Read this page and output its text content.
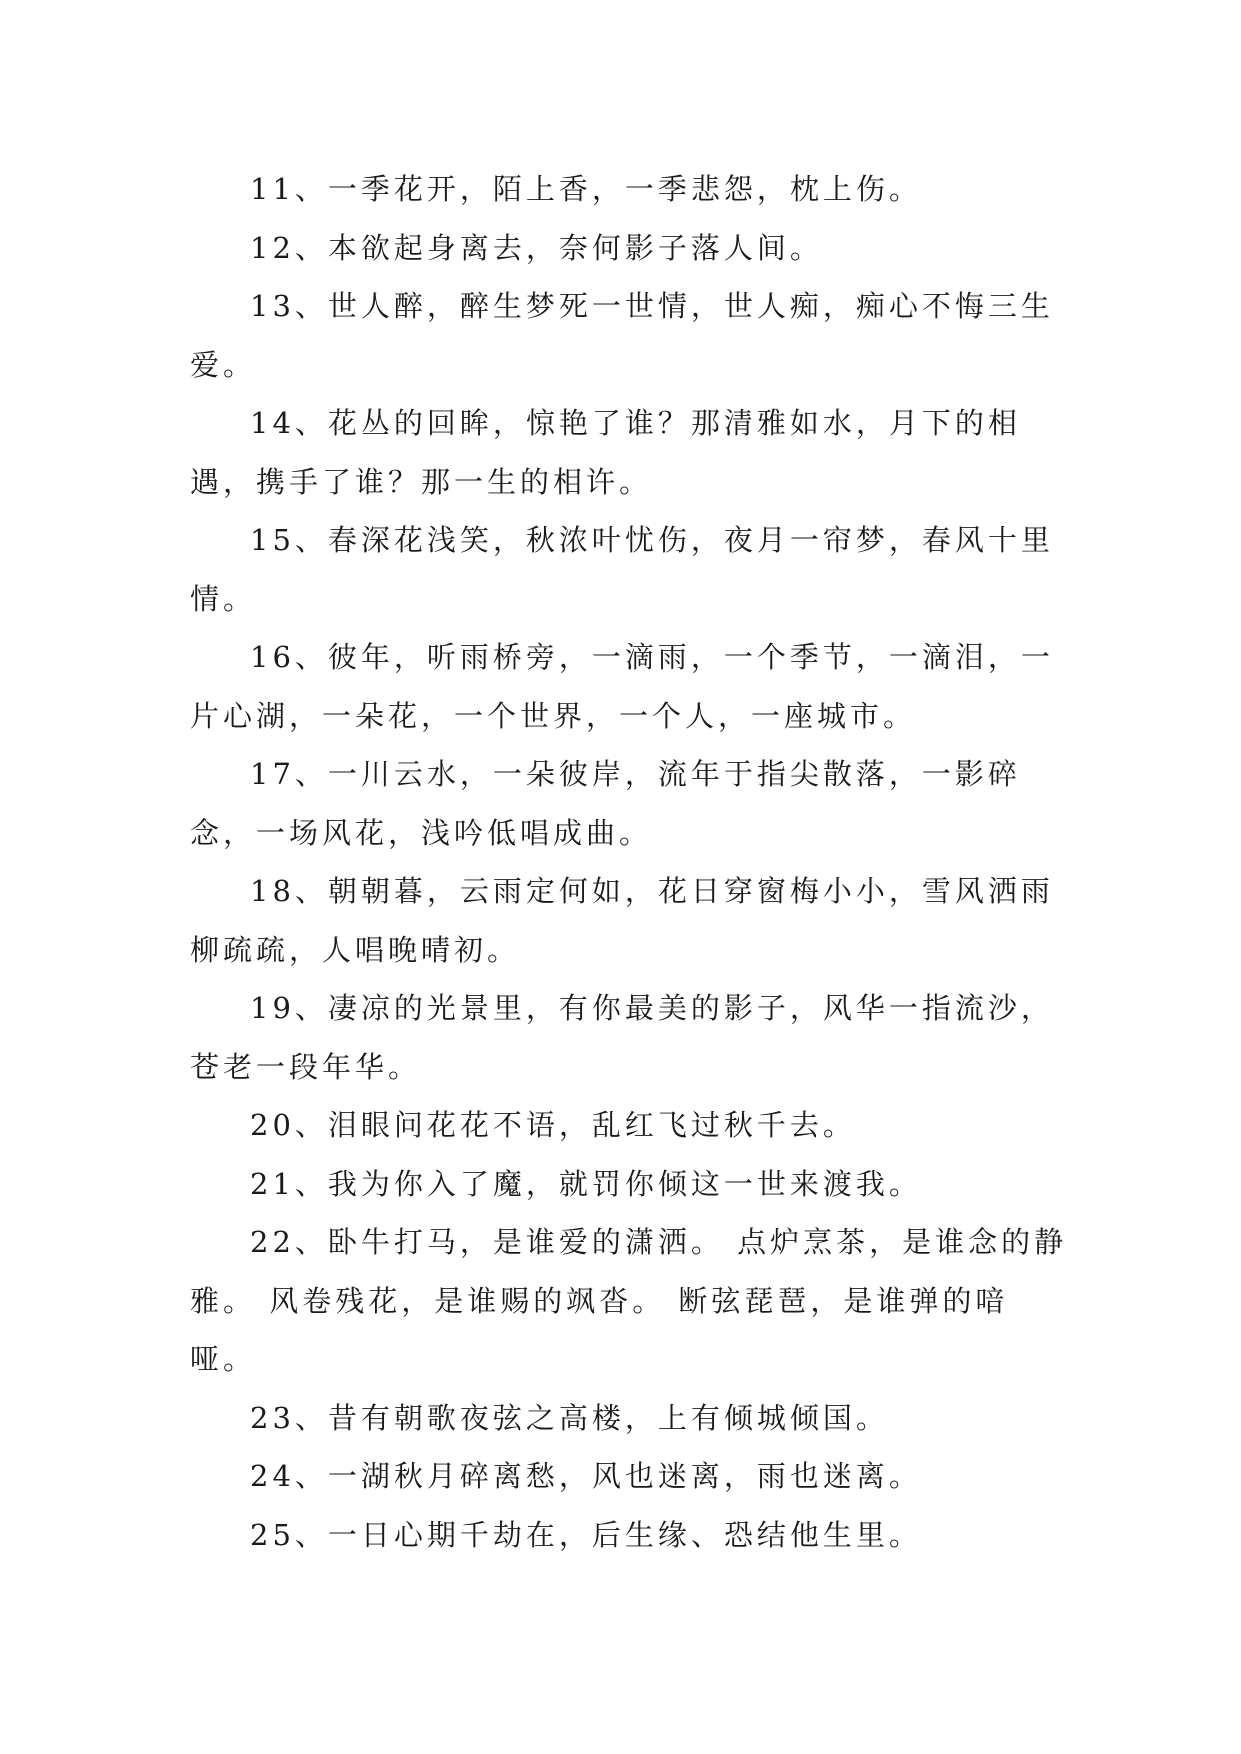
11、一季花开，陌上香，一季悲怨，枕上伤。

12、本欲起身离去，奈何影子落人间。

13、世人醉，醉生梦死一世情，世人痴，痴心不悔三生爱。

14、花丛的回眸，惊艳了谁？那清雅如水，月下的相遇，携手了谁？那一生的相许。

15、春深花浅笑，秋浓叶忧伤，夜月一帘梦，春风十里情。

16、彼年，听雨桥旁，一滴雨，一个季节，一滴泪，一片心湖，一朵花，一个世界，一个人，一座城市。

17、一川云水，一朵彼岸，流年于指尖散落，一影碎念，一场风花，浅吟低唱成曲。

18、朝朝暮，云雨定何如，花日穿窗梅小小，雪风洒雨柳疏疏，人唱晚晴初。

19、凄凉的光景里，有你最美的影子，风华一指流沙，苍老一段年华。

20、泪眼问花花不语，乱红飞过秋千去。

21、我为你入了魔，就罚你倾这一世来渡我。

22、卧牛打马，是谁爱的潇洒。 点炉烹茶，是谁念的静雅。 风卷残花，是谁赐的飒沓。 断弦琵琶，是谁弹的喑哑。

23、昔有朝歌夜弦之高楼，上有倾城倾国。

24、一湖秋月碎离愁，风也迷离，雨也迷离。

25、一日心期千劫在，后生缘、恐结他生里。
